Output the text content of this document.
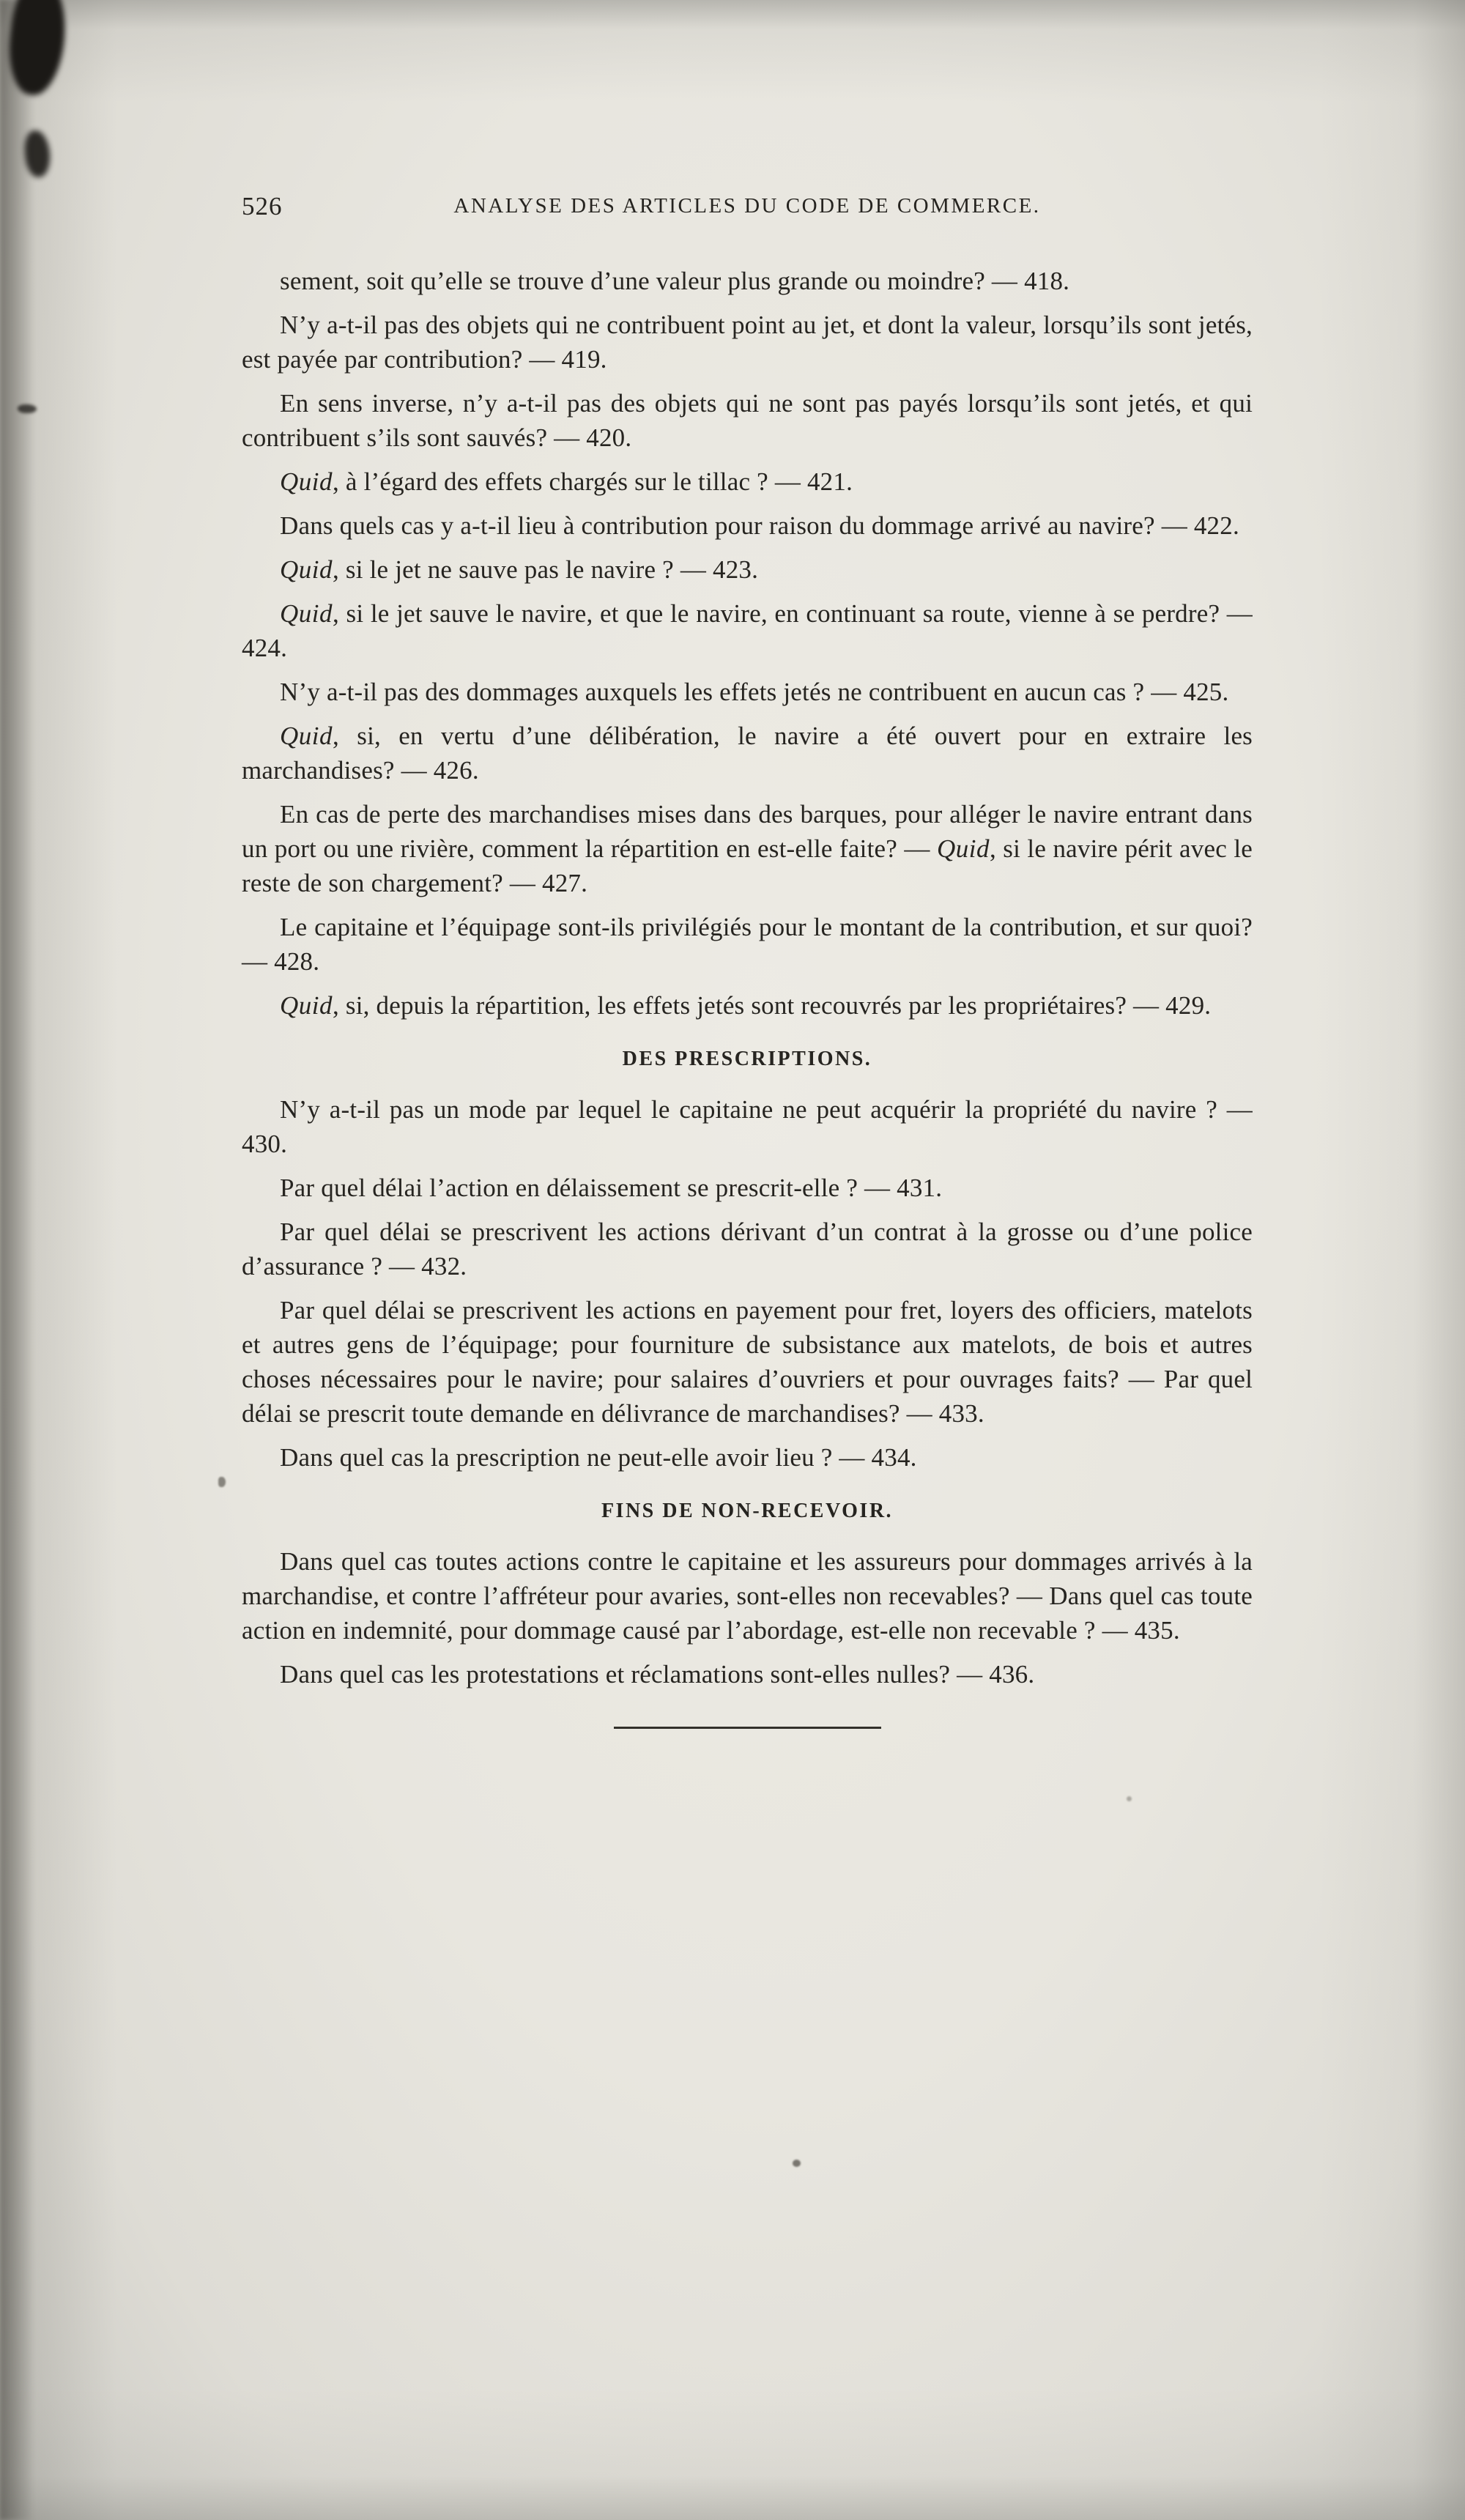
526	ANALYSE DES ARTICLES DU CODE DE COMMERCE.

sement, soit qu’elle se trouve d’une valeur plus grande ou moindre? — 418.

N’y a-t-il pas des objets qui ne contribuent point au jet, et dont la valeur, lorsqu’ils sont jetés, est payée par contribution? — 419.

En sens inverse, n’y a-t-il pas des objets qui ne sont pas payés lorsqu’ils sont jetés, et qui contribuent s’ils sont sauvés? — 420.

Quid, à l’égard des effets chargés sur le tillac ? — 421.

Dans quels cas y a-t-il lieu à contribution pour raison du dommage arrivé au navire? — 422.

Quid, si le jet ne sauve pas le navire ? — 423.

Quid, si le jet sauve le navire, et que le navire, en continuant sa route, vienne à se perdre? — 424.

N’y a-t-il pas des dommages auxquels les effets jetés ne contribuent en aucun cas ? — 425.

Quid, si, en vertu d’une délibération, le navire a été ouvert pour en extraire les marchandises? — 426.

En cas de perte des marchandises mises dans des barques, pour alléger le navire entrant dans un port ou une rivière, comment la répartition en est-elle faite? — Quid, si le navire périt avec le reste de son chargement? — 427.

Le capitaine et l’équipage sont-ils privilégiés pour le montant de la contribution, et sur quoi? — 428.

Quid, si, depuis la répartition, les effets jetés sont recouvrés par les propriétaires? — 429.

DES PRESCRIPTIONS.

N’y a-t-il pas un mode par lequel le capitaine ne peut acquérir la propriété du navire ? — 430.

Par quel délai l’action en délaissement se prescrit-elle ? — 431.

Par quel délai se prescrivent les actions dérivant d’un contrat à la grosse ou d’une police d’assurance ? — 432.

Par quel délai se prescrivent les actions en payement pour fret, loyers des officiers, matelots et autres gens de l’équipage; pour fourniture de subsistance aux matelots, de bois et autres choses nécessaires pour le navire; pour salaires d’ouvriers et pour ouvrages faits? — Par quel délai se prescrit toute demande en délivrance de marchandises? — 433.

Dans quel cas la prescription ne peut-elle avoir lieu ? — 434.

FINS DE NON-RECEVOIR.

Dans quel cas toutes actions contre le capitaine et les assureurs pour dommages arrivés à la marchandise, et contre l’affréteur pour avaries, sont-elles non recevables? — Dans quel cas toute action en indemnité, pour dommage causé par l’abordage, est-elle non recevable ? — 435.

Dans quel cas les protestations et réclamations sont-elles nulles? — 436.
